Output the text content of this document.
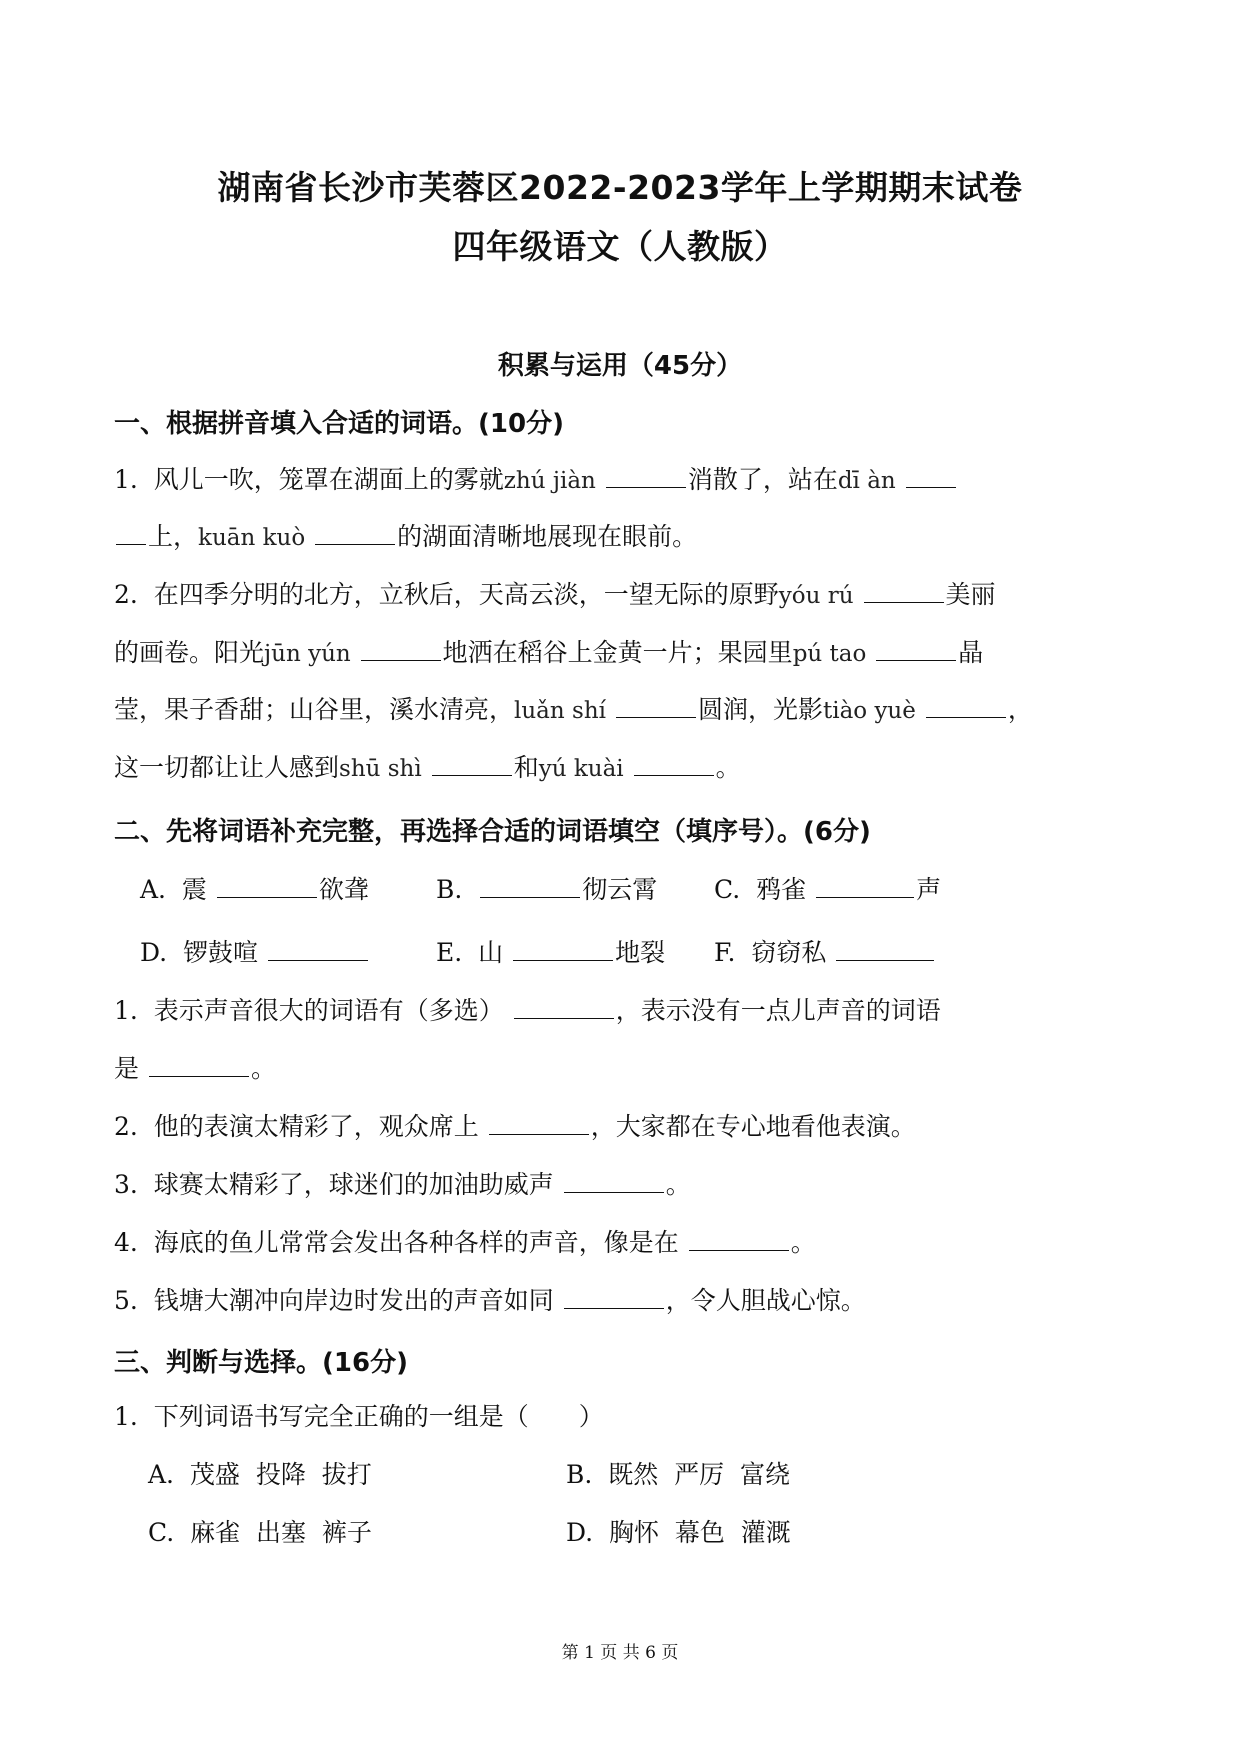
湖南省长沙市芙蓉区2022-2023学年上学期期末试卷
四年级语文（人教版）
积累与运用（45分）
一、根据拼音填入合适的词语。(10分)
1. 风儿一吹，笼罩在湖面上的雾就zhú jiàn	消散了，站在dī àn
上，kuān kuò	的湖面清晰地展现在眼前。
2. 在四季分明的北方，立秋后，天高云淡，一望无际的原野yóu rú	美丽
的画卷。阳光jūn yún	地洒在稻谷上金黄一片；果园里pú tao	晶
莹，果子香甜；山谷里，溪水清亮，luǎn shí	圆润，光影tiào yuè	，
这一切都让让人感到shū shì	和yú kuài	。
二、先将词语补充完整，再选择合适的词语填空（填序号）。(6分)
A. 震	欲聋	B.	彻云霄 C. 鸦雀	声
D. 锣鼓喧	E. 山	地裂 F. 窃窃私
1. 表示声音很大的词语有（多选）	，表示没有一点儿声音的词语
是	。
2. 他的表演太精彩了，观众席上	，大家都在专心地看他表演。
3. 球赛太精彩了，球迷们的加油助威声	。
4. 海底的鱼儿常常会发出各种各样的声音，像是在	。
5. 钱塘大潮冲向岸边时发出的声音如同	，令人胆战心惊。
三、判断与选择。(16分)
1. 下列词语书写完全正确的一组是（　　）
A. 茂盛  投降  拔打	B. 既然  严厉  富绕
C. 麻雀  出塞  裤子	D. 胸怀  幕色  灌溉
第 1 页 共 6 页
